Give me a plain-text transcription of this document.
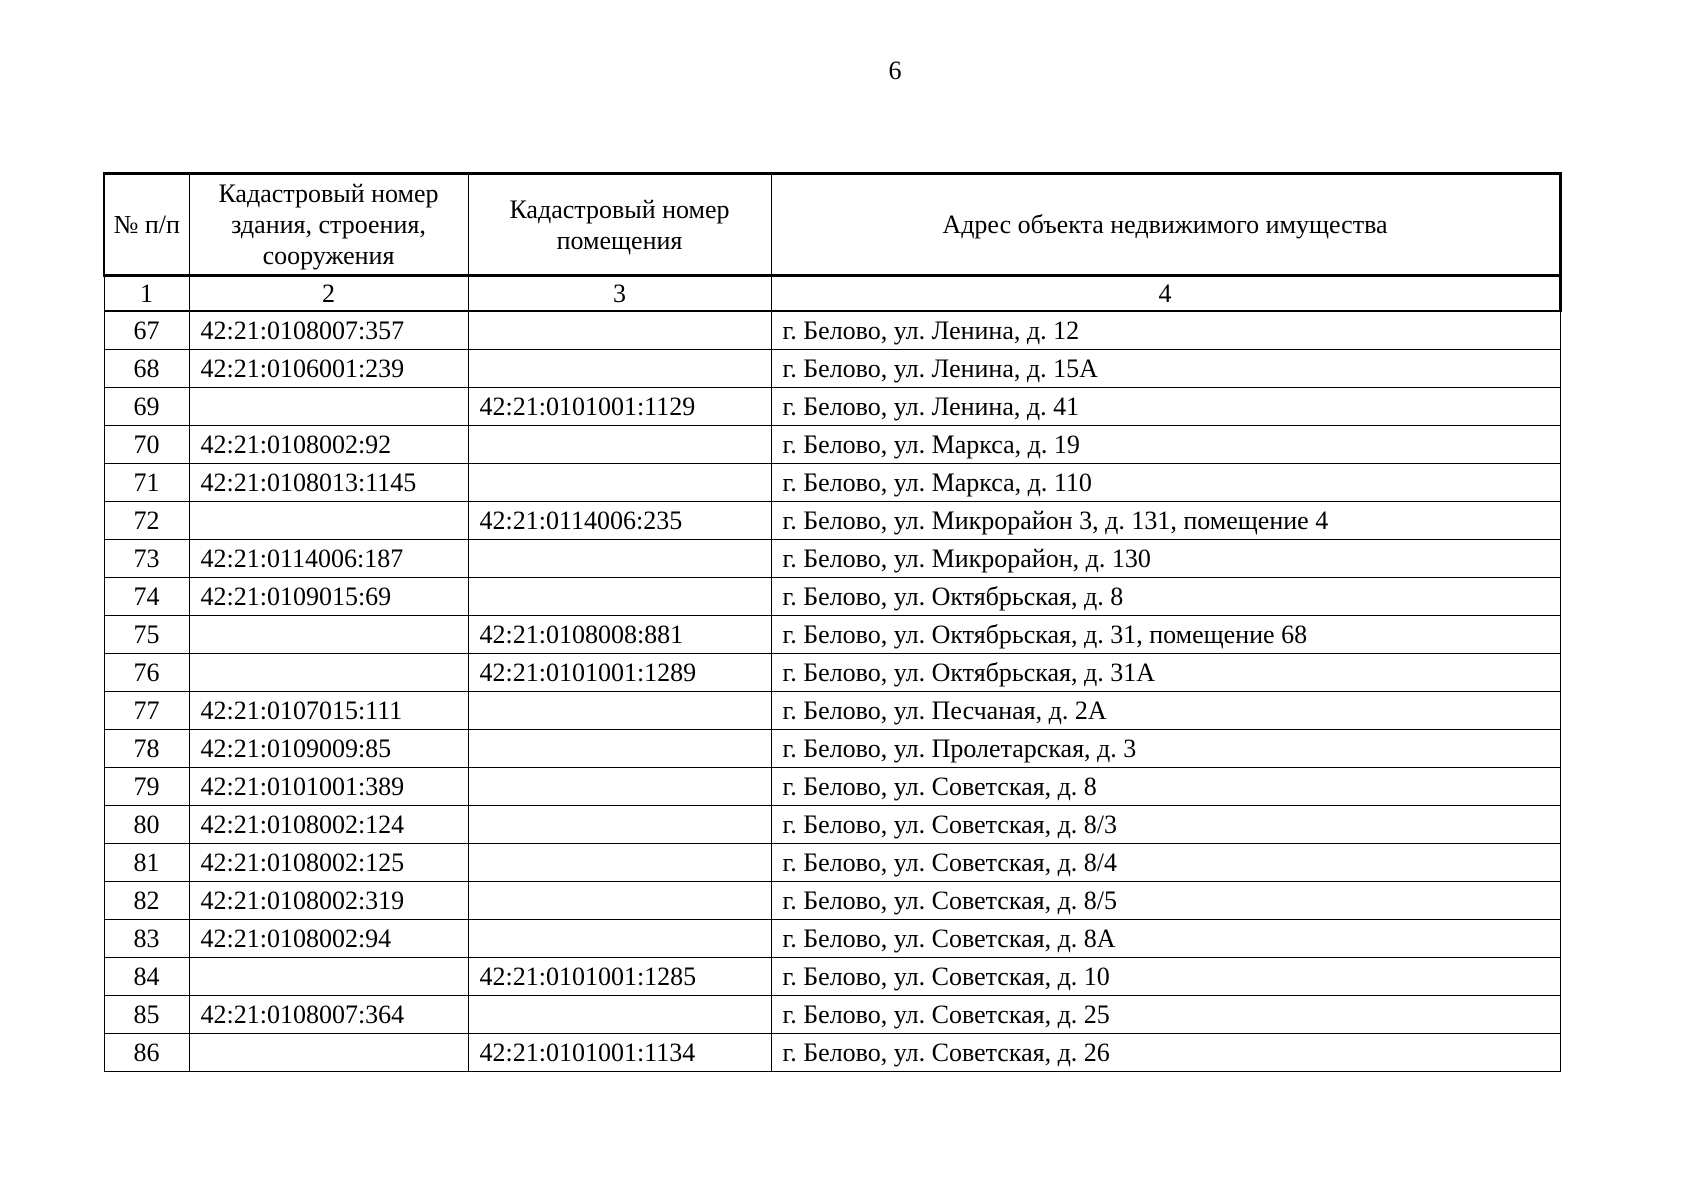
6
№ п/п	Кадастровый номер здания, строения, сооружения	Кадастровый номер помещения	Адрес объекта недвижимого имущества
1	2	3	4
67	42:21:0108007:357		г. Белово, ул. Ленина, д. 12
68	42:21:0106001:239		г. Белово, ул. Ленина, д. 15А
69		42:21:0101001:1129	г. Белово, ул. Ленина, д. 41
70	42:21:0108002:92		г. Белово, ул. Маркса, д. 19
71	42:21:0108013:1145		г. Белово, ул. Маркса, д. 110
72		42:21:0114006:235	г. Белово, ул. Микрорайон 3, д. 131, помещение 4
73	42:21:0114006:187		г. Белово, ул. Микрорайон, д. 130
74	42:21:0109015:69		г. Белово, ул. Октябрьская, д. 8
75		42:21:0108008:881	г. Белово, ул. Октябрьская, д. 31, помещение 68
76		42:21:0101001:1289	г. Белово, ул. Октябрьская, д. 31А
77	42:21:0107015:111		г. Белово, ул. Песчаная, д. 2А
78	42:21:0109009:85		г. Белово, ул. Пролетарская, д. 3
79	42:21:0101001:389		г. Белово, ул. Советская, д. 8
80	42:21:0108002:124		г. Белово, ул. Советская, д. 8/3
81	42:21:0108002:125		г. Белово, ул. Советская, д. 8/4
82	42:21:0108002:319		г. Белово, ул. Советская, д. 8/5
83	42:21:0108002:94		г. Белово, ул. Советская, д. 8А
84		42:21:0101001:1285	г. Белово, ул. Советская, д. 10
85	42:21:0108007:364		г. Белово, ул. Советская, д. 25
86		42:21:0101001:1134	г. Белово, ул. Советская, д. 26
